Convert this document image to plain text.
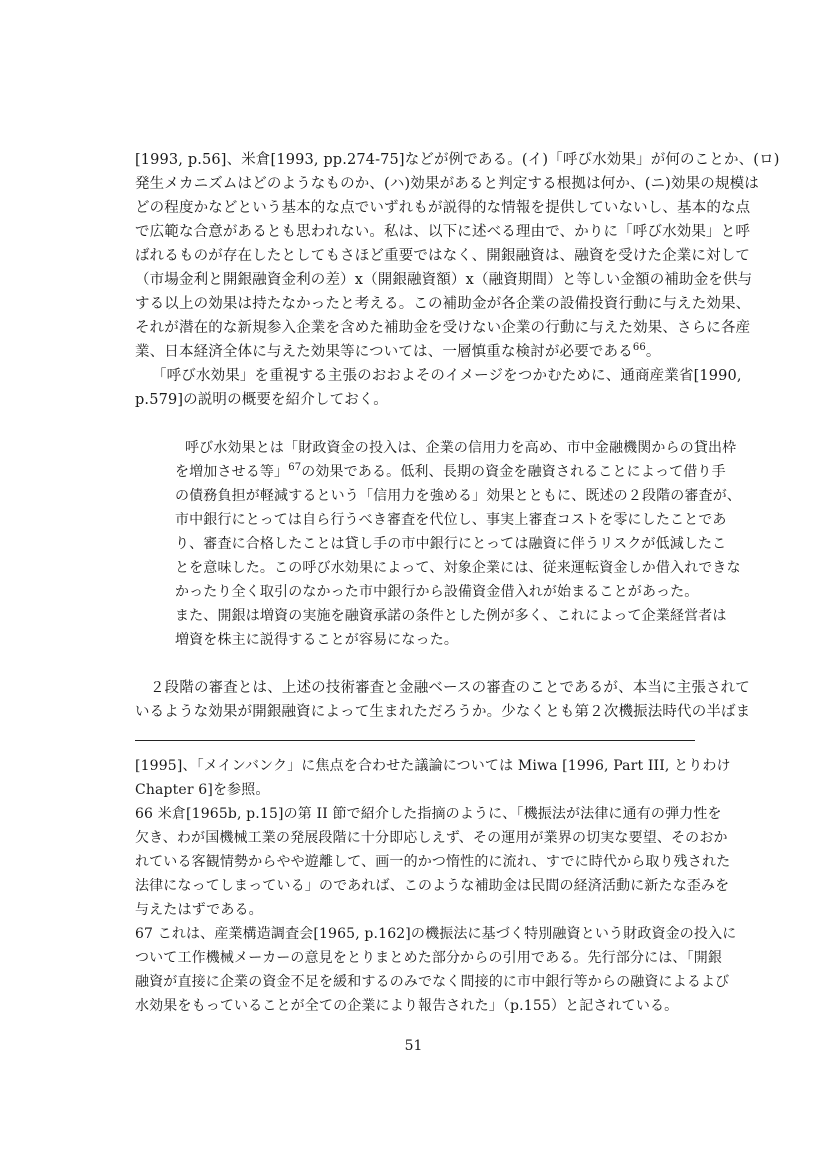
[1993, p.56]、米倉[1993, pp.274-75]などが例である。(イ)「呼び水効果」が何のことか、(ロ)
発生メカニズムはどのようなものか、(ハ)効果があると判定する根拠は何か、(ニ)効果の規模は
どの程度かなどという基本的な点でいずれもが説得的な情報を提供していないし、基本的な点
で広範な合意があるとも思われない。私は、以下に述べる理由で、かりに「呼び水効果」と呼
ばれるものが存在したとしてもさほど重要ではなく、開銀融資は、融資を受けた企業に対して
（市場金利と開銀融資金利の差）x（開銀融資額）x（融資期間）と等しい金額の補助金を供与
する以上の効果は持たなかったと考える。この補助金が各企業の設備投資行動に与えた効果、
それが潜在的な新規参入企業を含めた補助金を受けない企業の行動に与えた効果、さらに各産
業、日本経済全体に与えた効果等については、一層慎重な検討が必要である$^{66}$。
「呼び水効果」を重視する主張のおおよそのイメージをつかむために、通商産業省[1990,
p.579]の説明の概要を紹介しておく。
呼び水効果とは「財政資金の投入は、企業の信用力を高め、市中金融機関からの貸出枠
を増加させる等」$^{67}$の効果である。低利、長期の資金を融資されることによって借り手
の債務負担が軽減するという「信用力を強める」効果とともに、既述の２段階の審査が、
市中銀行にとっては自ら行うべき審査を代位し、事実上審査コストを零にしたことであ
り、審査に合格したことは貸し手の市中銀行にとっては融資に伴うリスクが低減したこ
とを意味した。この呼び水効果によって、対象企業には、従来運転資金しか借入れできな
かったり全く取引のなかった市中銀行から設備資金借入れが始まることがあった。
また、開銀は増資の実施を融資承諾の条件とした例が多く、これによって企業経営者は
増資を株主に説得することが容易になった。
２段階の審査とは、上述の技術審査と金融ベースの審査のことであるが、本当に主張されて
いるような効果が開銀融資によって生まれただろうか。少なくとも第２次機振法時代の半ばま
[1995]、「メインバンク」に焦点を合わせた議論については Miwa [1996, Part III, とりわけ
Chapter 6]を参照。
66 米倉[1965b, p.15]の第 II 節で紹介した指摘のように、「機振法が法律に通有の弾力性を
欠き、わが国機械工業の発展段階に十分即応しえず、その運用が業界の切実な要望、そのおか
れている客観情勢からやや遊離して、画一的かつ惰性的に流れ、すでに時代から取り残された
法律になってしまっている」のであれば、このような補助金は民間の経済活動に新たな歪みを
与えたはずである。
67 これは、産業構造調査会[1965, p.162]の機振法に基づく特別融資という財政資金の投入に
ついて工作機械メーカーの意見をとりまとめた部分からの引用である。先行部分には、「開銀
融資が直接に企業の資金不足を緩和するのみでなく間接的に市中銀行等からの融資によるよび
水効果をもっていることが全ての企業により報告された」（p.155）と記されている。
51
